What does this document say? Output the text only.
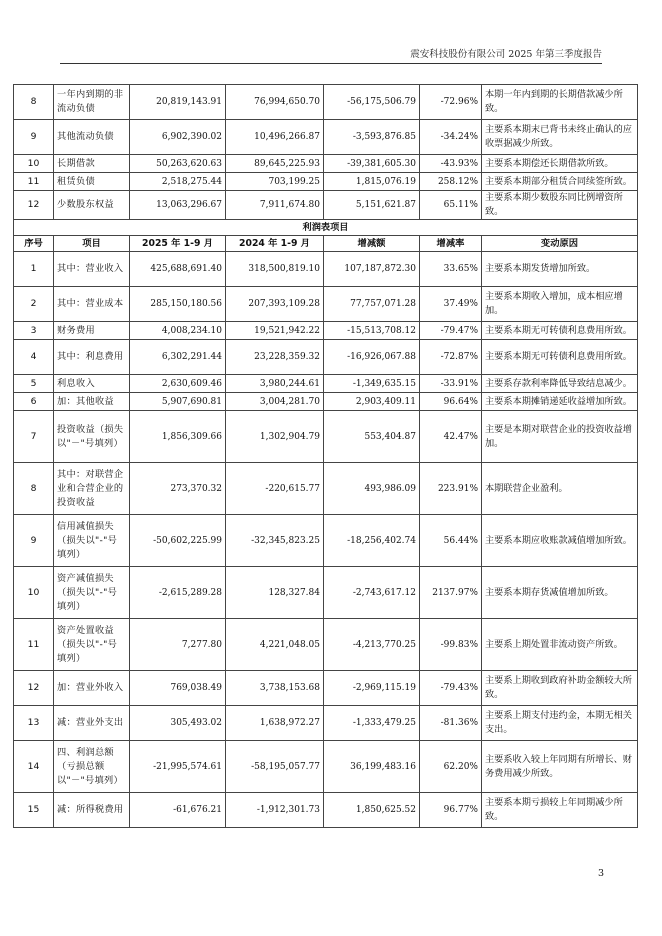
震安科技股份有限公司 2025 年第三季度报告
8	一年内到期的非流动负债	20,819,143.91	76,994,650.70	-56,175,506.79	-72.96%	本期一年内到期的长期借款减少所致。
9	其他流动负债	6,902,390.02	10,496,266.87	-3,593,876.85	-34.24%	主要系本期末已背书未终止确认的应收票据减少所致。
10	长期借款	50,263,620.63	89,645,225.93	-39,381,605.30	-43.93%	主要系本期偿还长期借款所致。
11	租赁负债	2,518,275.44	703,199.25	1,815,076.19	258.12%	主要系本期部分租赁合同续签所致。
12	少数股东权益	13,063,296.67	7,911,674.80	5,151,621.87	65.11%	主要系本期少数股东同比例增资所致。
利润表项目						
序号	项目	2025 年 1-9 月	2024 年 1-9 月	增减额	增减率	变动原因
1	其中：营业收入	425,688,691.40	318,500,819.10	107,187,872.30	33.65%	主要系本期发货增加所致。
2	其中：营业成本	285,150,180.56	207,393,109.28	77,757,071.28	37.49%	主要系本期收入增加，成本相应增加。
3	财务费用	4,008,234.10	19,521,942.22	-15,513,708.12	-79.47%	主要系本期无可转债利息费用所致。
4	其中：利息费用	6,302,291.44	23,228,359.32	-16,926,067.88	-72.87%	主要系本期无可转债利息费用所致。
5	利息收入	2,630,609.46	3,980,244.61	-1,349,635.15	-33.91%	主要系存款利率降低导致结息减少。
6	加：其他收益	5,907,690.81	3,004,281.70	2,903,409.11	96.64%	主要系本期摊销递延收益增加所致。
7	投资收益（损失以"－"号填列）	1,856,309.66	1,302,904.79	553,404.87	42.47%	主要是本期对联营企业的投资收益增加。
8	其中：对联营企业和合营企业的投资收益	273,370.32	-220,615.77	493,986.09	223.91%	本期联营企业盈利。
9	信用减值损失（损失以"-"号填列）	-50,602,225.99	-32,345,823.25	-18,256,402.74	56.44%	主要系本期应收账款减值增加所致。
10	资产减值损失（损失以"-"号填列）	-2,615,289.28	128,327.84	-2,743,617.12	2137.97%	主要系本期存货减值增加所致。
11	资产处置收益（损失以"-"号填列）	7,277.80	4,221,048.05	-4,213,770.25	-99.83%	主要系上期处置非流动资产所致。
12	加：营业外收入	769,038.49	3,738,153.68	-2,969,115.19	-79.43%	主要系上期收到政府补助金额较大所致。
13	减：营业外支出	305,493.02	1,638,972.27	-1,333,479.25	-81.36%	主要系上期支付违约金，本期无相关支出。
14	四、利润总额（亏损总额以"－"号填列）	-21,995,574.61	-58,195,057.77	36,199,483.16	62.20%	主要系收入较上年同期有所增长、财务费用减少所致。
15	减：所得税费用	-61,676.21	-1,912,301.73	1,850,625.52	96.77%	主要系本期亏损较上年同期减少所致。
3
